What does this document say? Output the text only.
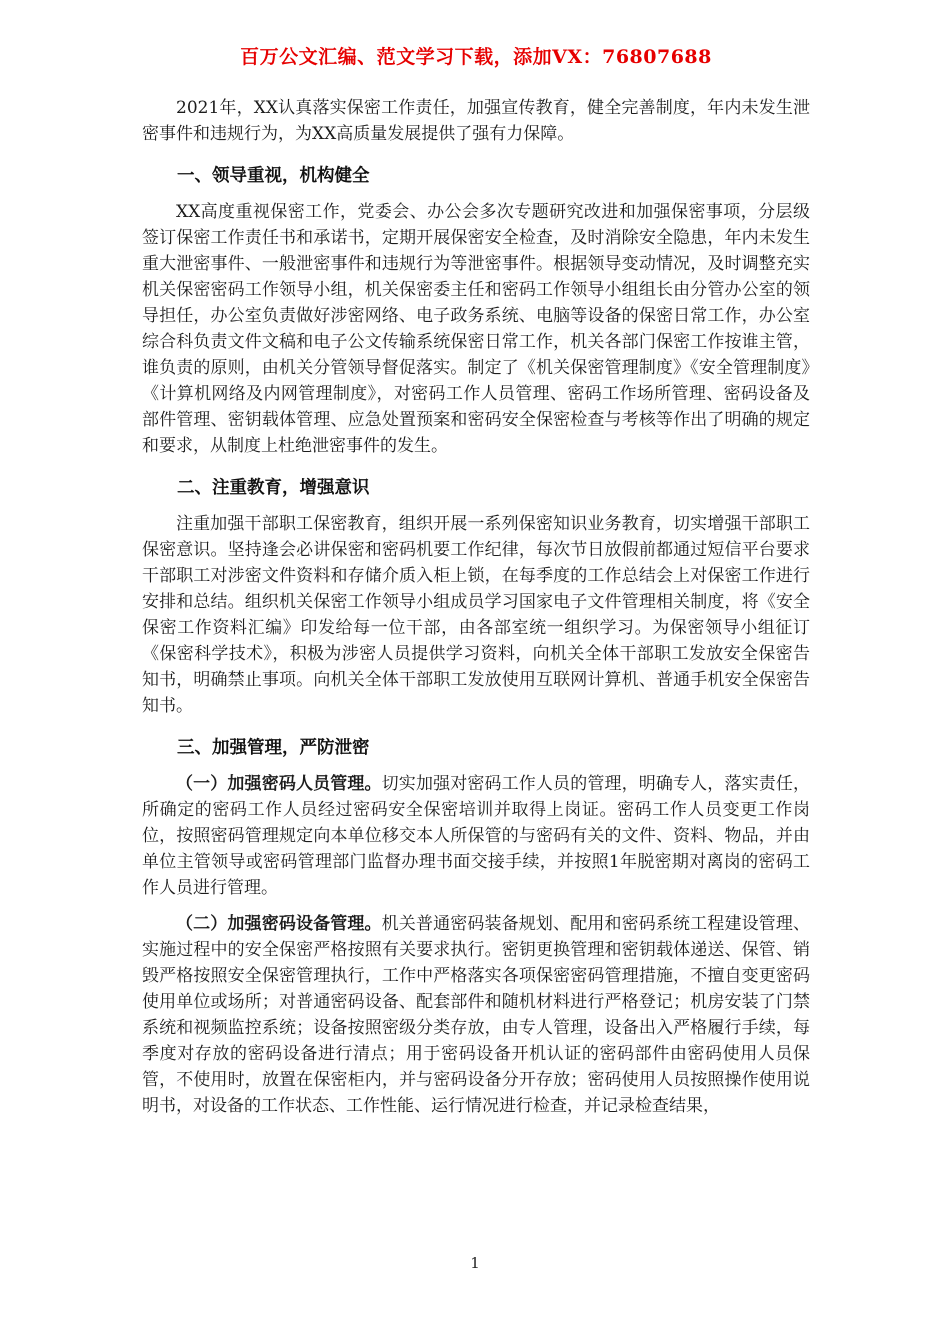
百万公文汇编、范文学习下载，添加VX：76807688

2021年，XX认真落实保密工作责任，加强宣传教育，健全完善制度，年内未发生泄密事件和违规行为，为XX高质量发展提供了强有力保障。

一、领导重视，机构健全

XX高度重视保密工作，党委会、办公会多次专题研究改进和加强保密事项，分层级签订保密工作责任书和承诺书，定期开展保密安全检查，及时消除安全隐患，年内未发生重大泄密事件、一般泄密事件和违规行为等泄密事件。根据领导变动情况，及时调整充实机关保密密码工作领导小组，机关保密委主任和密码工作领导小组组长由分管办公室的领导担任，办公室负责做好涉密网络、电子政务系统、电脑等设备的保密日常工作，办公室综合科负责文件文稿和电子公文传输系统保密日常工作，机关各部门保密工作按谁主管，谁负责的原则，由机关分管领导督促落实。制定了《机关保密管理制度》《安全管理制度》《计算机网络及内网管理制度》，对密码工作人员管理、密码工作场所管理、密码设备及部件管理、密钥载体管理、应急处置预案和密码安全保密检查与考核等作出了明确的规定和要求，从制度上杜绝泄密事件的发生。

二、注重教育，增强意识

注重加强干部职工保密教育，组织开展一系列保密知识业务教育，切实增强干部职工保密意识。坚持逢会必讲保密和密码机要工作纪律，每次节日放假前都通过短信平台要求干部职工对涉密文件资料和存储介质入柜上锁，在每季度的工作总结会上对保密工作进行安排和总结。组织机关保密工作领导小组成员学习国家电子文件管理相关制度，将《安全保密工作资料汇编》印发给每一位干部，由各部室统一组织学习。为保密领导小组征订《保密科学技术》，积极为涉密人员提供学习资料，向机关全体干部职工发放安全保密告知书，明确禁止事项。向机关全体干部职工发放使用互联网计算机、普通手机安全保密告知书。

三、加强管理，严防泄密

（一）加强密码人员管理。切实加强对密码工作人员的管理，明确专人，落实责任，所确定的密码工作人员经过密码安全保密培训并取得上岗证。密码工作人员变更工作岗位，按照密码管理规定向本单位移交本人所保管的与密码有关的文件、资料、物品，并由单位主管领导或密码管理部门监督办理书面交接手续，并按照1年脱密期对离岗的密码工作人员进行管理。

（二）加强密码设备管理。机关普通密码装备规划、配用和密码系统工程建设管理、实施过程中的安全保密严格按照有关要求执行。密钥更换管理和密钥载体递送、保管、销毁严格按照安全保密管理执行，工作中严格落实各项保密密码管理措施，不擅自变更密码使用单位或场所；对普通密码设备、配套部件和随机材料进行严格登记；机房安装了门禁系统和视频监控系统；设备按照密级分类存放，由专人管理，设备出入严格履行手续，每季度对存放的密码设备进行清点；用于密码设备开机认证的密码部件由密码使用人员保管，不使用时，放置在保密柜内，并与密码设备分开存放；密码使用人员按照操作使用说明书，对设备的工作状态、工作性能、运行情况进行检查，并记录检查结果，

1
